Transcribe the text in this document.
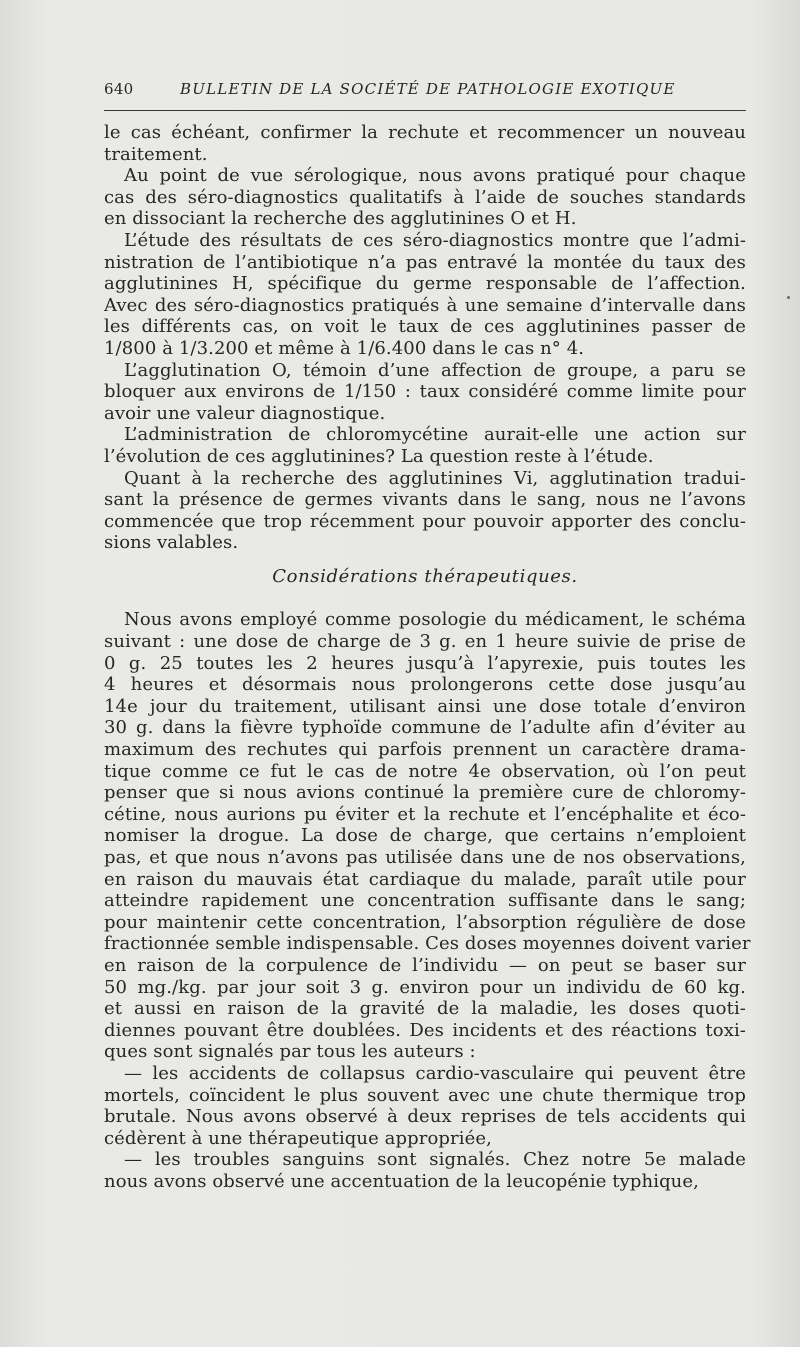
640	BULLETIN DE LA SOCIÉTÉ DE PATHOLOGIE EXOTIQUE
le cas échéant, confirmer la rechute et recommencer un nouveau
traitement.
Au point de vue sérologique, nous avons pratiqué pour chaque
cas des séro-diagnostics qualitatifs à l’aide de souches standards
en dissociant la recherche des agglutinines O et H.
L’étude des résultats de ces séro-diagnostics montre que l’admi-
nistration de l’antibiotique n’a pas entravé la montée du taux des
agglutinines H, spécifique du germe responsable de l’affection.
Avec des séro-diagnostics pratiqués à une semaine d’intervalle dans
les différents cas, on voit le taux de ces agglutinines passer de
1/800 à 1/3.200 et même à 1/6.400 dans le cas n° 4.
L’agglutination O, témoin d’une affection de groupe, a paru se
bloquer aux environs de 1/150 : taux considéré comme limite pour
avoir une valeur diagnostique.
L’administration de chloromycétine aurait-elle une action sur
l’évolution de ces agglutinines? La question reste à l’étude.
Quant à la recherche des agglutinines Vi, agglutination tradui-
sant la présence de germes vivants dans le sang, nous ne l’avons
commencée que trop récemment pour pouvoir apporter des conclu-
sions valables.
Considérations thérapeutiques.
Nous avons employé comme posologie du médicament, le schéma
suivant : une dose de charge de 3 g. en 1 heure suivie de prise de
0 g. 25 toutes les 2 heures jusqu’à l’apyrexie, puis toutes les
4 heures et désormais nous prolongerons cette dose jusqu’au
14e jour du traitement, utilisant ainsi une dose totale d’environ
30 g. dans la fièvre typhoïde commune de l’adulte afin d’éviter au
maximum des rechutes qui parfois prennent un caractère drama-
tique comme ce fut le cas de notre 4e observation, où l’on peut
penser que si nous avions continué la première cure de chloromy-
cétine, nous aurions pu éviter et la rechute et l’encéphalite et éco-
nomiser la drogue. La dose de charge, que certains n’emploient
pas, et que nous n’avons pas utilisée dans une de nos observations,
en raison du mauvais état cardiaque du malade, paraît utile pour
atteindre rapidement une concentration suffisante dans le sang;
pour maintenir cette concentration, l’absorption régulière de dose
fractionnée semble indispensable. Ces doses moyennes doivent varier
en raison de la corpulence de l’individu — on peut se baser sur
50 mg./kg. par jour soit 3 g. environ pour un individu de 60 kg.
et aussi en raison de la gravité de la maladie, les doses quoti-
diennes pouvant être doublées. Des incidents et des réactions toxi-
ques sont signalés par tous les auteurs :
— les accidents de collapsus cardio-vasculaire qui peuvent être
mortels, coïncident le plus souvent avec une chute thermique trop
brutale. Nous avons observé à deux reprises de tels accidents qui
cédèrent à une thérapeutique appropriée,
— les troubles sanguins sont signalés. Chez notre 5e malade
nous avons observé une accentuation de la leucopénie typhique,
